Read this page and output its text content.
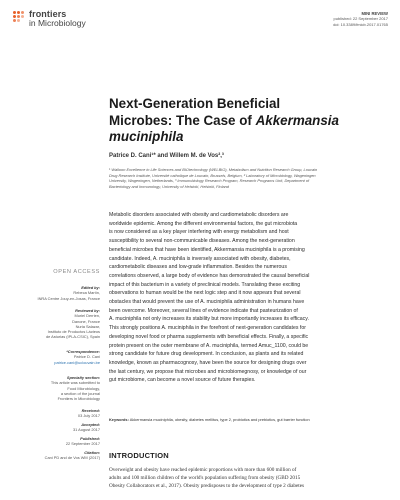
frontiers
in Microbiology
MINI REVIEW
published: 22 September 2017
doi: 10.3389/fmicb.2017.01765
Next-Generation Beneficial
Microbes: The Case of Akkermansia
muciniphila
Patrice D. Cani¹* and Willem M. de Vos²,³
¹ Walloon Excellence in Life Sciences and BIOtechnology (WELBIO), Metabolism and Nutrition Research Group, Louvain
Drug Research Institute, Université catholique de Louvain, Brussels, Belgium, ² Laboratory of Microbiology, Wageningen
University, Wageningen, Netherlands, ³ Immunobiology Research Program, Research Programs Unit, Department of
Bacteriology and Immunology, University of Helsinki, Helsinki, Finland
Metabolic disorders associated with obesity and cardiometabolic disorders are
worldwide epidemic. Among the different environmental factors, the gut microbiota
is now considered as a key player interfering with energy metabolism and host
susceptibility to several non-communicable diseases. Among the next-generation
beneficial microbes that have been identified, Akkermansia muciniphila is a promising
candidate. Indeed, A. muciniphila is inversely associated with obesity, diabetes,
cardiometabolic diseases and low-grade inflammation. Besides the numerous
correlations observed, a large body of evidence has demonstrated the causal beneficial
impact of this bacterium in a variety of preclinical models. Translating these exciting
observations to human would be the next logic step and it now appears that several
obstacles that would prevent the use of A. muciniphila administration in humans have
been overcome. Moreover, several lines of evidence indicate that pasteurization of
A. muciniphila not only increases its stability but more importantly increases its efficacy.
This strongly positions A. muciniphila in the forefront of next-generation candidates for
developing novel food or pharma supplements with beneficial effects. Finally, a specific
protein present on the outer membrane of A. muciniphila, termed Amuc_1100, could be
strong candidate for future drug development. In conclusion, as plants and its related
knowledge, known as pharmacognosy, have been the source for designing drugs over
the last century, we propose that microbes and microbiomegnosy, or knowledge of our
gut microbiome, can become a novel source of future therapies.
Keywords: Akkermansia muciniphila, obesity, diabetes mellitus, type 2, probiotics and prebiotics, gut barrier function
INTRODUCTION
Overweight and obesity have reached epidemic proportions with more than 600 million of
adults and 100 million children of the world's population suffering from obesity (GBD 2015
Obesity Collaborators et al., 2017). Obesity predisposes to the development of type 2 diabetes
OPEN ACCESS
Edited by:
Rebeca Martín,
INRA Centre Jouy-en-Josas, France
Reviewed by:
Muriel Derrien,
Danone, France
Nuria Salazar,
Instituto de Productos Lácteos
de Asturias (IPLA-CSIC), Spain
*Correspondence:
Patrice D. Cani
patrice.cani@uclouvain.be
Specialty section:
This article was submitted to
Food Microbiology,
a section of the journal
Frontiers in Microbiology
Received:
03 July 2017
Accepted:
31 August 2017
Published:
22 September 2017
Citation:
Cani PD and de Vos WM (2017)
